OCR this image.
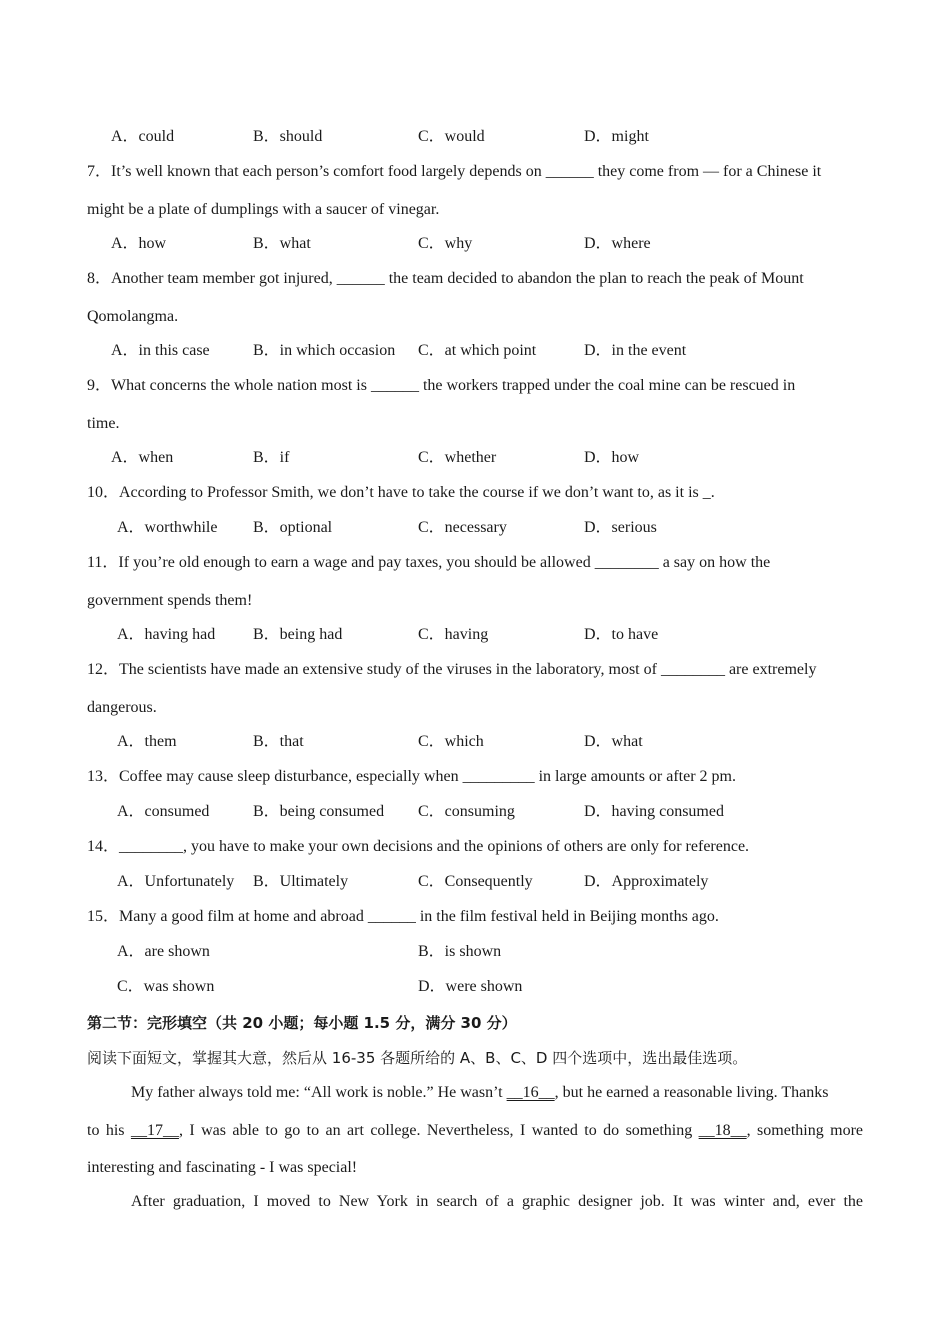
A．could	B．should	C．would	D．might
7．It’s well known that each person’s comfort food largely depends on ______ they come from — for a Chinese it
might be a plate of dumplings with a saucer of vinegar.
A．how	B．what	C．why	D．where
8．Another team member got injured, ______ the team decided to abandon the plan to reach the peak of Mount
Qomolangma.
A．in this case	B．in which occasion C．at which point	D．in the event
9．What concerns the whole nation most is ______ the workers trapped under the coal mine can be rescued in
time.
A．when	B．if	C．whether	D．how
10．According to Professor Smith, we don’t have to take the course if we don’t want to, as it is _.
A．worthwhile B．optional	C．necessary	D．serious
11．If you’re old enough to earn a wage and pay taxes, you should be allowed ________ a say on how the
government spends them!
A．having had B．being had	C．having	D．to have
12．The scientists have made an extensive study of the viruses in the laboratory, most of ________ are extremely
dangerous.
A．them	B．that	C．which	D．what
13．Coffee may cause sleep disturbance, especially when _________ in large amounts or after 2 pm.
A．consumed	B．being consumed C．consuming	D．having consumed
14．________, you have to make your own decisions and the opinions of others are only for reference.
A．Unfortunately B．Ultimately	C．Consequently	D．Approximately
15．Many a good film at home and abroad ______ in the film festival held in Beijing months ago.
A．are shown	B．is shown
C．was shown	D．were shown
第二节：完形填空（共 20 小题；每小题 1.5 分，满分 30 分）
阅读下面短文，掌握其大意，然后从 16-35 各题所给的 A、B、C、D 四个选项中，选出最佳选项。
My father always told me: “All work is noble.” He wasn’t __16__, but he earned a reasonable living. Thanks
to his __17__, I was able to go to an art college. Nevertheless, I wanted to do something __18__, something more
interesting and fascinating - I was special!
After graduation, I moved to New York in search of a graphic designer job. It was winter and, ever the
